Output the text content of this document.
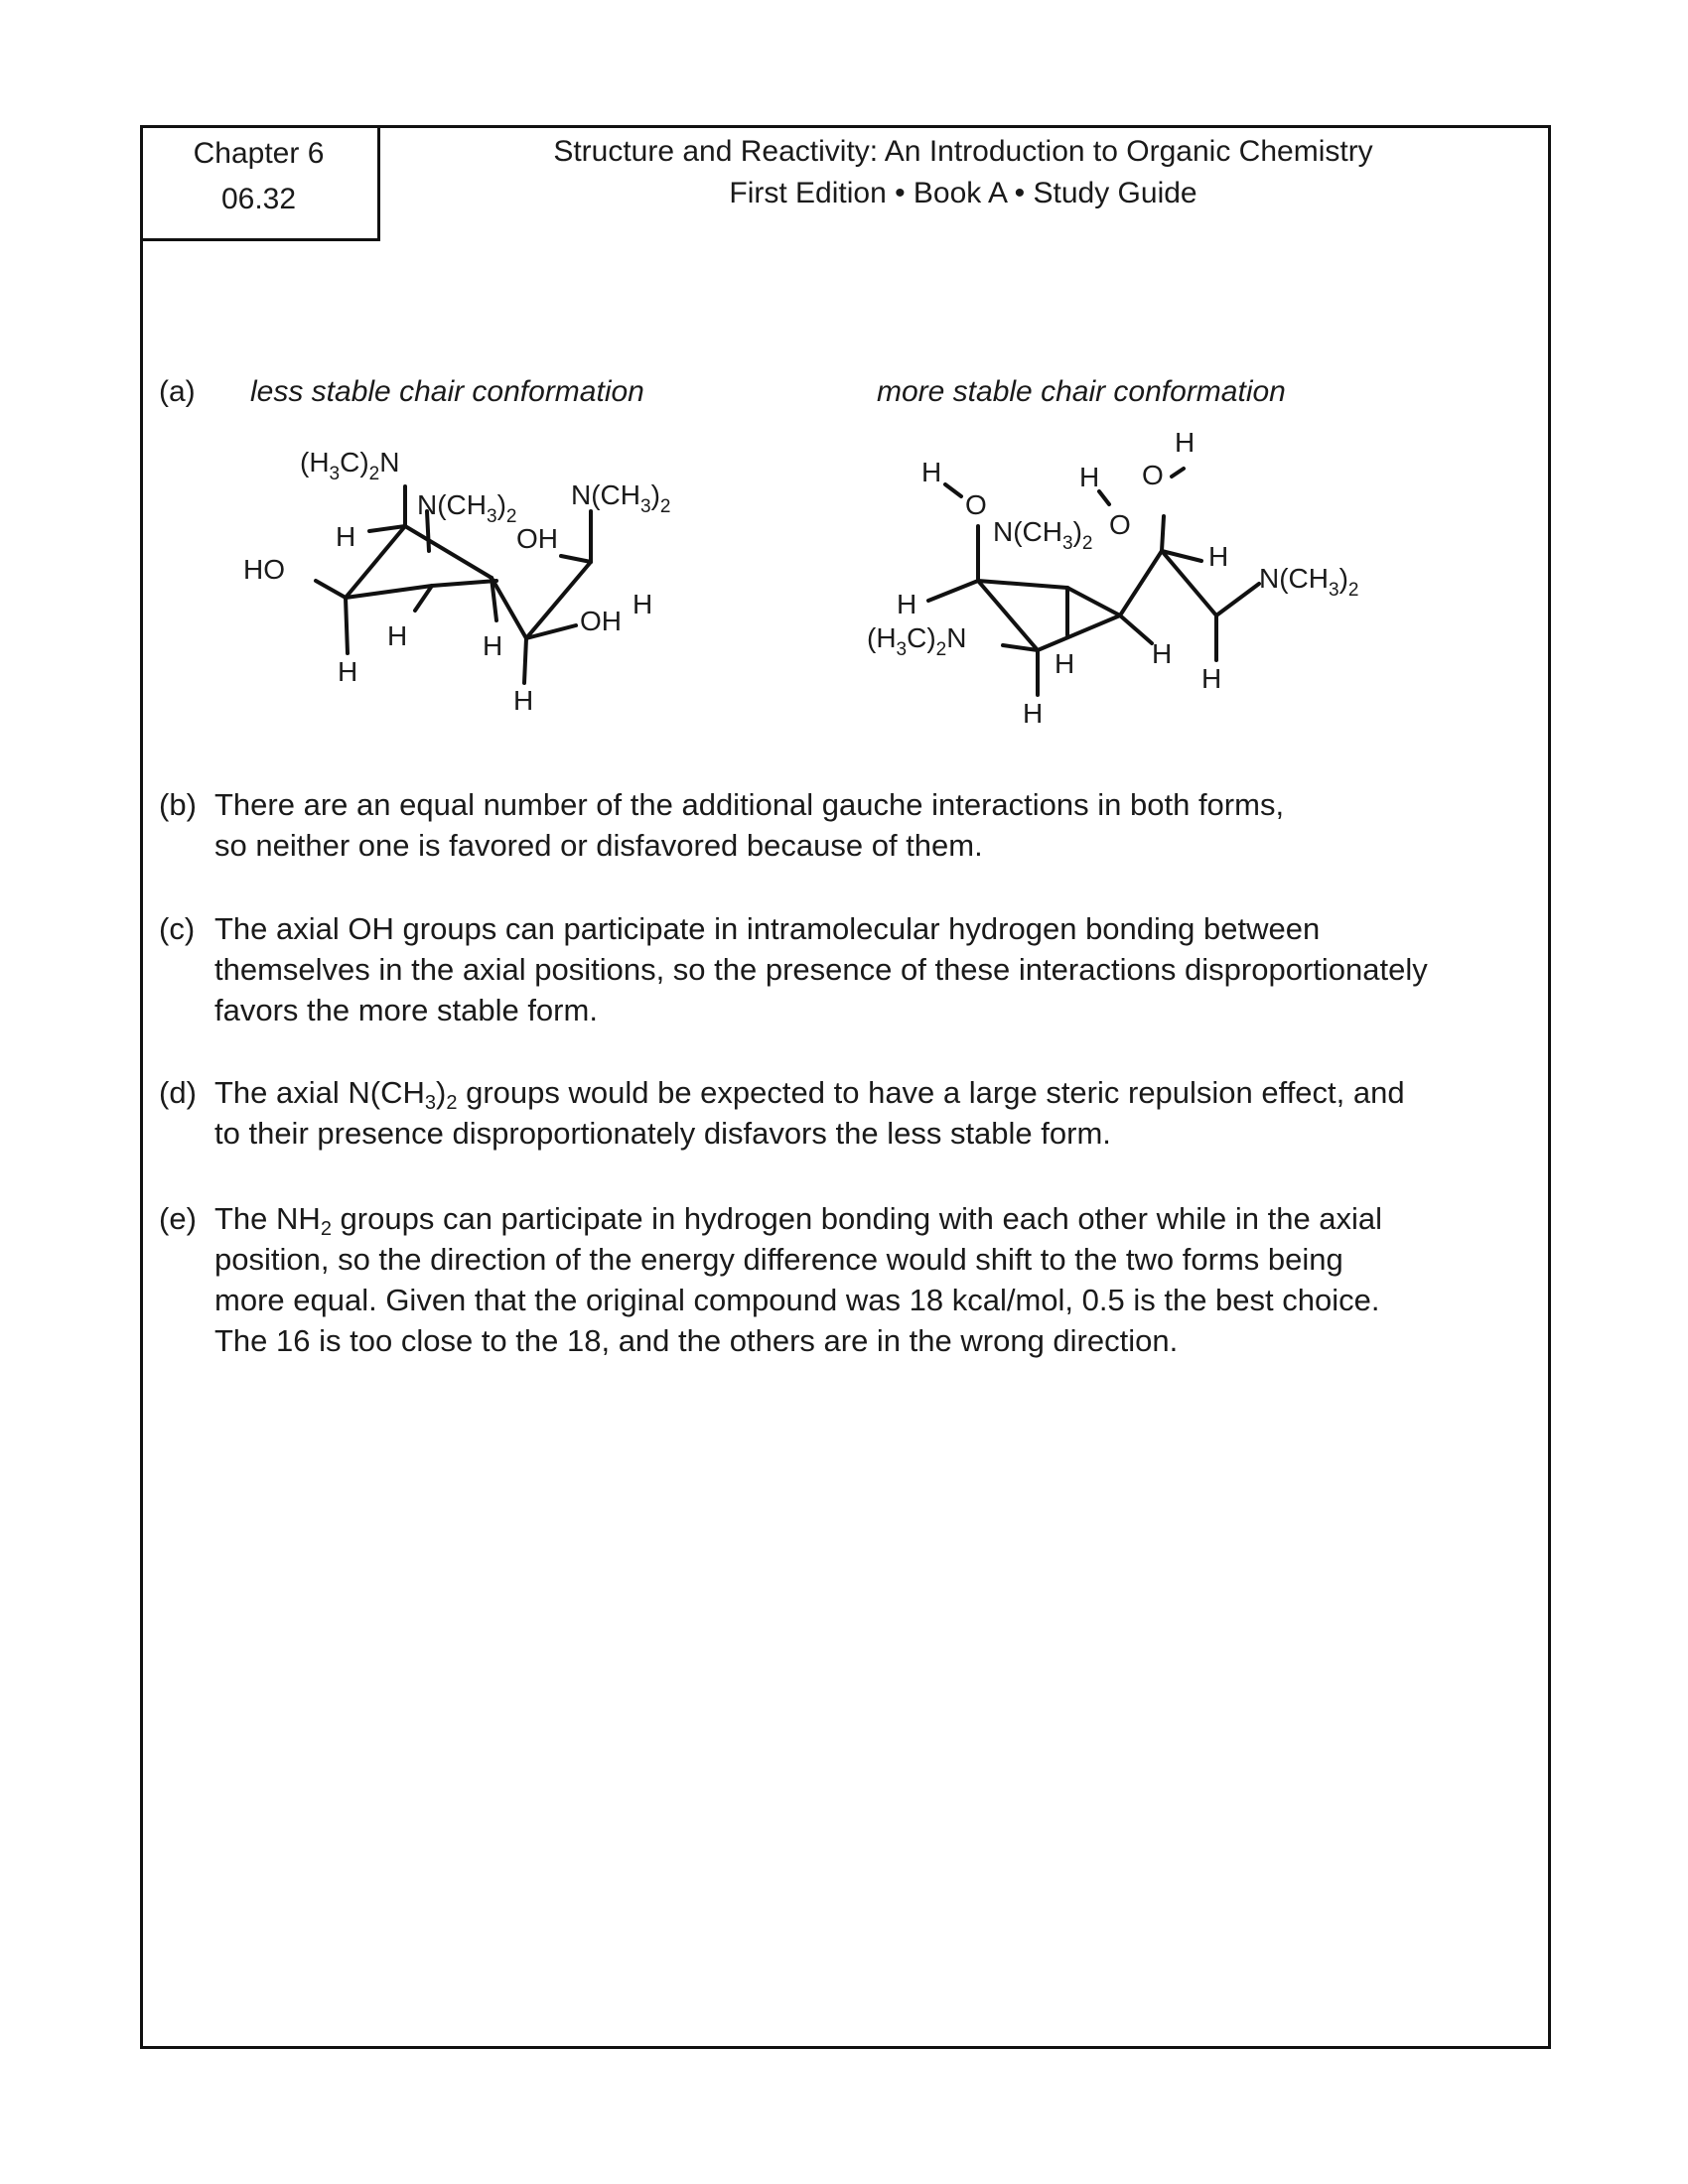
Chapter 6
06.32
Structure and Reactivity: An Introduction to Organic Chemistry
First Edition • Book A • Study Guide
(a) less stable chair conformation	more stable chair conformation
$(H_3C)_2N$
$N(CH_3)_2$
$N(CH_3)_2$
OH
H
HO
OH
H
H	H
H
H
H
O
H
O
O
H
$N(CH_3)_2$	H
$N(CH_3)_2$
H
$(H_3C)_2N$
H	H
H
H
(b) There are an equal number of the additional gauche interactions in both forms,
so neither one is favored or disfavored because of them.
(c) The axial OH groups can participate in intramolecular hydrogen bonding between
themselves in the axial positions, so the presence of these interactions disproportionately
favors the more stable form.
(d) The axial $N(CH_3)_2$ groups would be expected to have a large steric repulsion effect, and
to their presence disproportionately disfavors the less stable form.
(e) The $NH_2$ groups can participate in hydrogen bonding with each other while in the axial
position, so the direction of the energy difference would shift to the two forms being
more equal. Given that the original compound was 18 kcal/mol, 0.5 is the best choice.
The 16 is too close to the 18, and the others are in the wrong direction.
